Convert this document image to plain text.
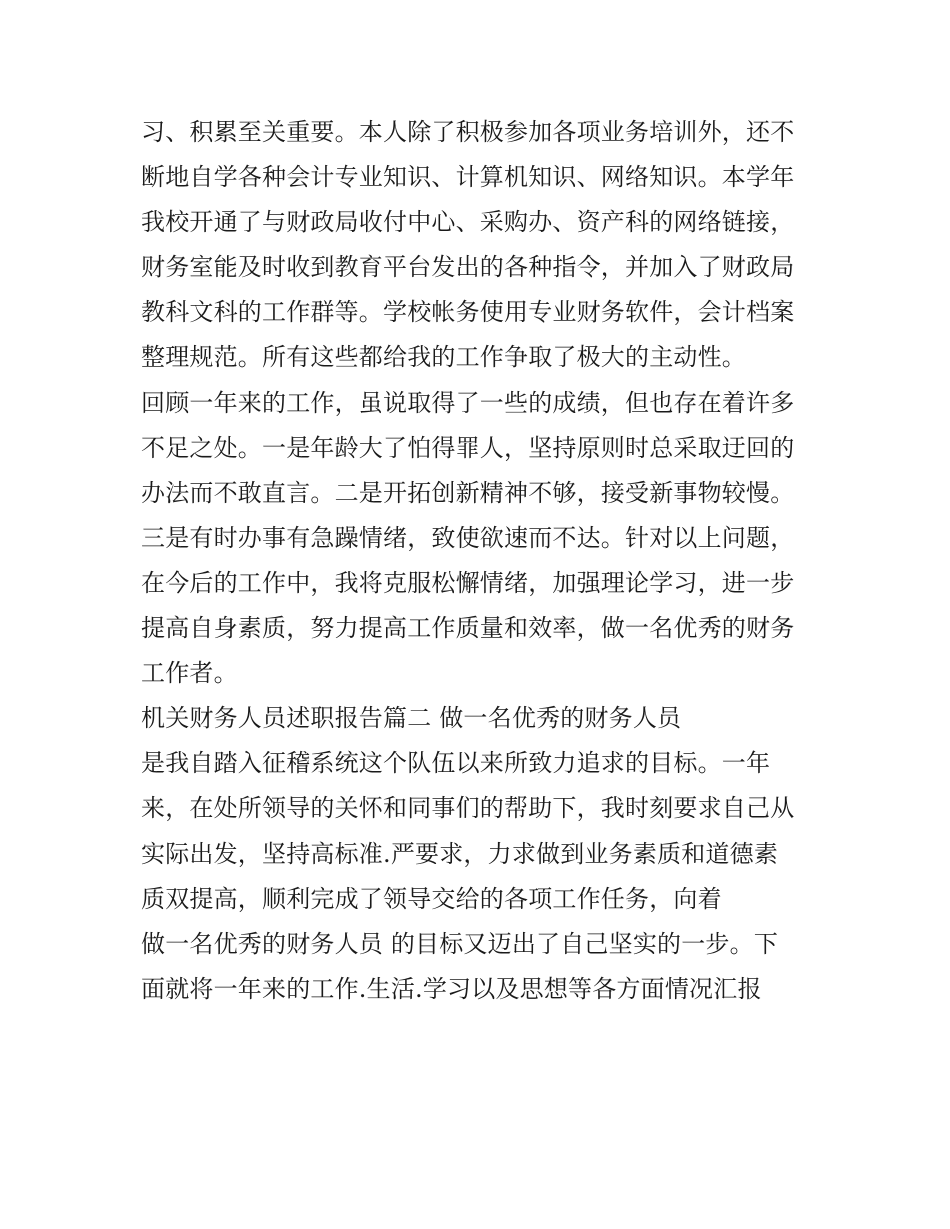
习、积累至关重要。本人除了积极参加各项业务培训外，还不
断地自学各种会计专业知识、计算机知识、网络知识。本学年
我校开通了与财政局收付中心、采购办、资产科的网络链接，
财务室能及时收到教育平台发出的各种指令，并加入了财政局
教科文科的工作群等。学校帐务使用专业财务软件，会计档案
整理规范。所有这些都给我的工作争取了极大的主动性。
回顾一年来的工作，虽说取得了一些的成绩，但也存在着许多
不足之处。一是年龄大了怕得罪人，坚持原则时总采取迂回的
办法而不敢直言。二是开拓创新精神不够，接受新事物较慢。
三是有时办事有急躁情绪，致使欲速而不达。针对以上问题，
在今后的工作中，我将克服松懈情绪，加强理论学习，进一步
提高自身素质，努力提高工作质量和效率，做一名优秀的财务
工作者。
机关财务人员述职报告篇二 做一名优秀的财务人员
是我自踏入征稽系统这个队伍以来所致力追求的目标。一年
来，在处所领导的关怀和同事们的帮助下，我时刻要求自己从
实际出发，坚持高标准.严要求，力求做到业务素质和道德素
质双提高，顺利完成了领导交给的各项工作任务，向着
做一名优秀的财务人员 的目标又迈出了自己坚实的一步。下
面就将一年来的工作.生活.学习以及思想等各方面情况汇报
